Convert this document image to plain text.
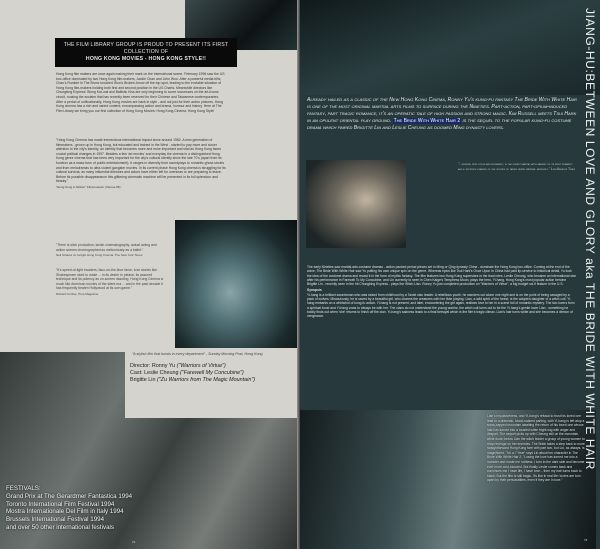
THE FILM LIBRARY GROUP IS PROUD TO PRESENT ITS FIRST COLLECTION OF
HONG KONG MOVIES - HONG KONG STYLE!!
Hong Kong film makers are once again making their mark on the international scene. February 1996 saw the US box-office dominated by two Hong Kong film-makers, Jackie Chan and John Woo. After a powerful media blitz, Chan's Rumble In The Bronx knocked Woo's Broken Arrow off the top spot, leading to the enviable situation of Hong Kong film-makers holding both first and second position in the US Charts. Meanwhile directors like Chungking Express' Wong Kar-wai and Ballistic Kiss are only beginning to score successes on the art-house circuit, rousing the acclaim that has recently been reserved for their Chinese and Taiwanese contemporaries. After a period of unificationally, Hong Kong movies are back in style - and not just for their action pictures. Hong Kong cinema has a rich and varied content, encompassing action and drama, humour and history. Here at The Film Library we bring you our first collection of Hong Kong Movies: Hong Kong Cinema, Hong Kong Style!
"Hong Kong Cinema has made tremendous international impact since around 1982. A new generation of filmmakers - grown up in Hong Kong, but educated and trained in the West - started to pay more and closer attention to the city's identity, an identity that becomes more and more important and vital as Hong Kong faces crucial political changes in 1997. Besides a few 'art movies' and everyday the cinema in a distinguished Hong Kong genre cinema that has been very important for the city's cultural identity since the late 70's (apart from its function as a mass form of public entertainment). It ranges in diversity from swordplays to romantic ghost-stories and from melodramas to ultra-violent gangster movies. In its current phase Hong Kong cinema is struggling for its cultural survival, as many influential directors and actors have either left for overseas or are preparing to leave. Before its possible disappearance this glittering cinematic machine will be presented in its full splendour and beauty."
"Hong Kong in Motion" Filmmuseum (Vienna 95)
"There is slick production, lavish cinematography, actual acting and action scenes choreographed as meticulously as a ballet."
Neil Strauss on tonight Hong Kong Cinema, The New York Times
"It's speed-of-light invaders, faux-on-the-floor farce, love stories like Shakespeare used to make ... in its desire to please, its assured technique and its potency as on-screen dazzling, Hong Kong Cinema is much like American movies of the silent era ... and in the past decade it has frequently beaten Hollywood at its own game."
Richard Corliss, Time Magazine
"A stylish film that bursts in every department" - Sunday Morning Post, Hong Kong
Director: Ronny Yu ("Warriors of Virtue")
Cast: Leslie Cheung ("Farewell My Concubine")
Brigitte Lin ("Zu Warriors from The Magic Mountain")
FESTIVALS:
Grand Prix at The Gerardmer Fantastica 1994
Toronto International Film Festival 1994
Mostra Internationale Del Film in Italy 1994
Brussels International Festival 1994
and over 50 other international festivals
72
Already hailed as a classic of the New Hong Kong Cinema, Ronny Yu's kung-fu fantasy The Bride With White Hair is one of the most original martial arts films to surface during the Nineties. Part-action, part-opium-induced fantasy, part tragic romance, it's an operatic tale of high passion and strong magic. Kim Russell meets Tsui Hark in an opulent oriental play ground. The Bride With White Hair 2 is the sequel to the popular kung-fu costume drama which paired Brigitte Lin and Leslie Cheung as doomed Ming dynasty lovers.
"...superb, with color and movement, is the purest martial arts fantasy of its most romantic and a textbook example of the virtues of taking genre material seriously." Los Angeles Times
The early Nineties saw martial-arts costume dramas - action packed period pieces set in Ming or Qing dynasty China - dominate the Hong Kong box-office. Coming at the end of the wave, The Bride With White Hair saw Yu putting his own unique spin on the genre. Whereas epics like Tsui Hark's Once Upon In China had paid lip-service to historical detail, Yu took the idea of the costume drama and recast it in the form of mythic fantasy. The film features two Hong Kong superstars in the lead roles. Leslie Cheung, who became an international star after his performance in Farewell To My Concubine, and Lin currently to seen in Chen Kaige's Temptress Moon, plays the hero, Yi-hang. Hong Kong's most popular action heroine Brigitte Lin - recently seen in the hit Chungking Express - plays the Witch Lian. Ronny Yu just completed production on "Warriors of Virtue", a big budget sci-fi feature in the U.S.
Synopsis
Yi-hang is a brilliant swordsman who was raised from childhood by a Taoist clan leader. A rebellious youth, he wanders out alone one night and is on the point of being savaged by a pack of wolves. Miraculously, he is saved by a beautiful girl, who charms the creatures with her flute playing. Lian, a wild spirit of the forest, is the adopted daughter of a witch cult. Yi-hang embarks on a whirlwind of kung-fu action. Yi-hang is not present, and later, encountering the girl again, realises love to her in a scene full of romantic mystery. The two lovers form a spiritual bond and Yi-hang vows to always be with her. The clans do not understand the young warrior, the witch cult turns out to be the Yi-hang's gentle lover Lian - something he boldly finds out when 'she' returns to finish off the clan. Yi-hang's sadness leads to a final betrayal which is the film's tragic climax. Lian's hair turns white and she becomes a demon of vengeance.
Lian's impulsiveness, and Yi-hang's refusal to trust his loved one lead to a dramatic, blood-soaked parting, with Yi-hang is left atop a snow-capped mountain awaiting the return of his loved one whose hair has turned into a tousled white fright-wig with anger and despair. The sequel picks up with Cheung still on the mountain, while down below Lian the witch leader a group of young women to reap revenge on her enemies. The Bride takes a step back to more straightforward Hong Kong fare with part two, but Lin, as always, is magnificent. "I'm a 7 Year" says Lin about her character in The Bride With White Hair 2. "Losing the love has turned me into a monster and made me ruthless. I turn to the dark side and become ever more cold-blooded. But finally Leslie comes back and convinces me I have life, I have love... then my hair turns back to black. But the film is still tragic. It's like in real life: lovers are torn apart by their personalities, even if they are in love."
73
JIANG-HU:BETWEEN LOVE AND GLORY aka THE BRIDE WITH WHITE HAIR
